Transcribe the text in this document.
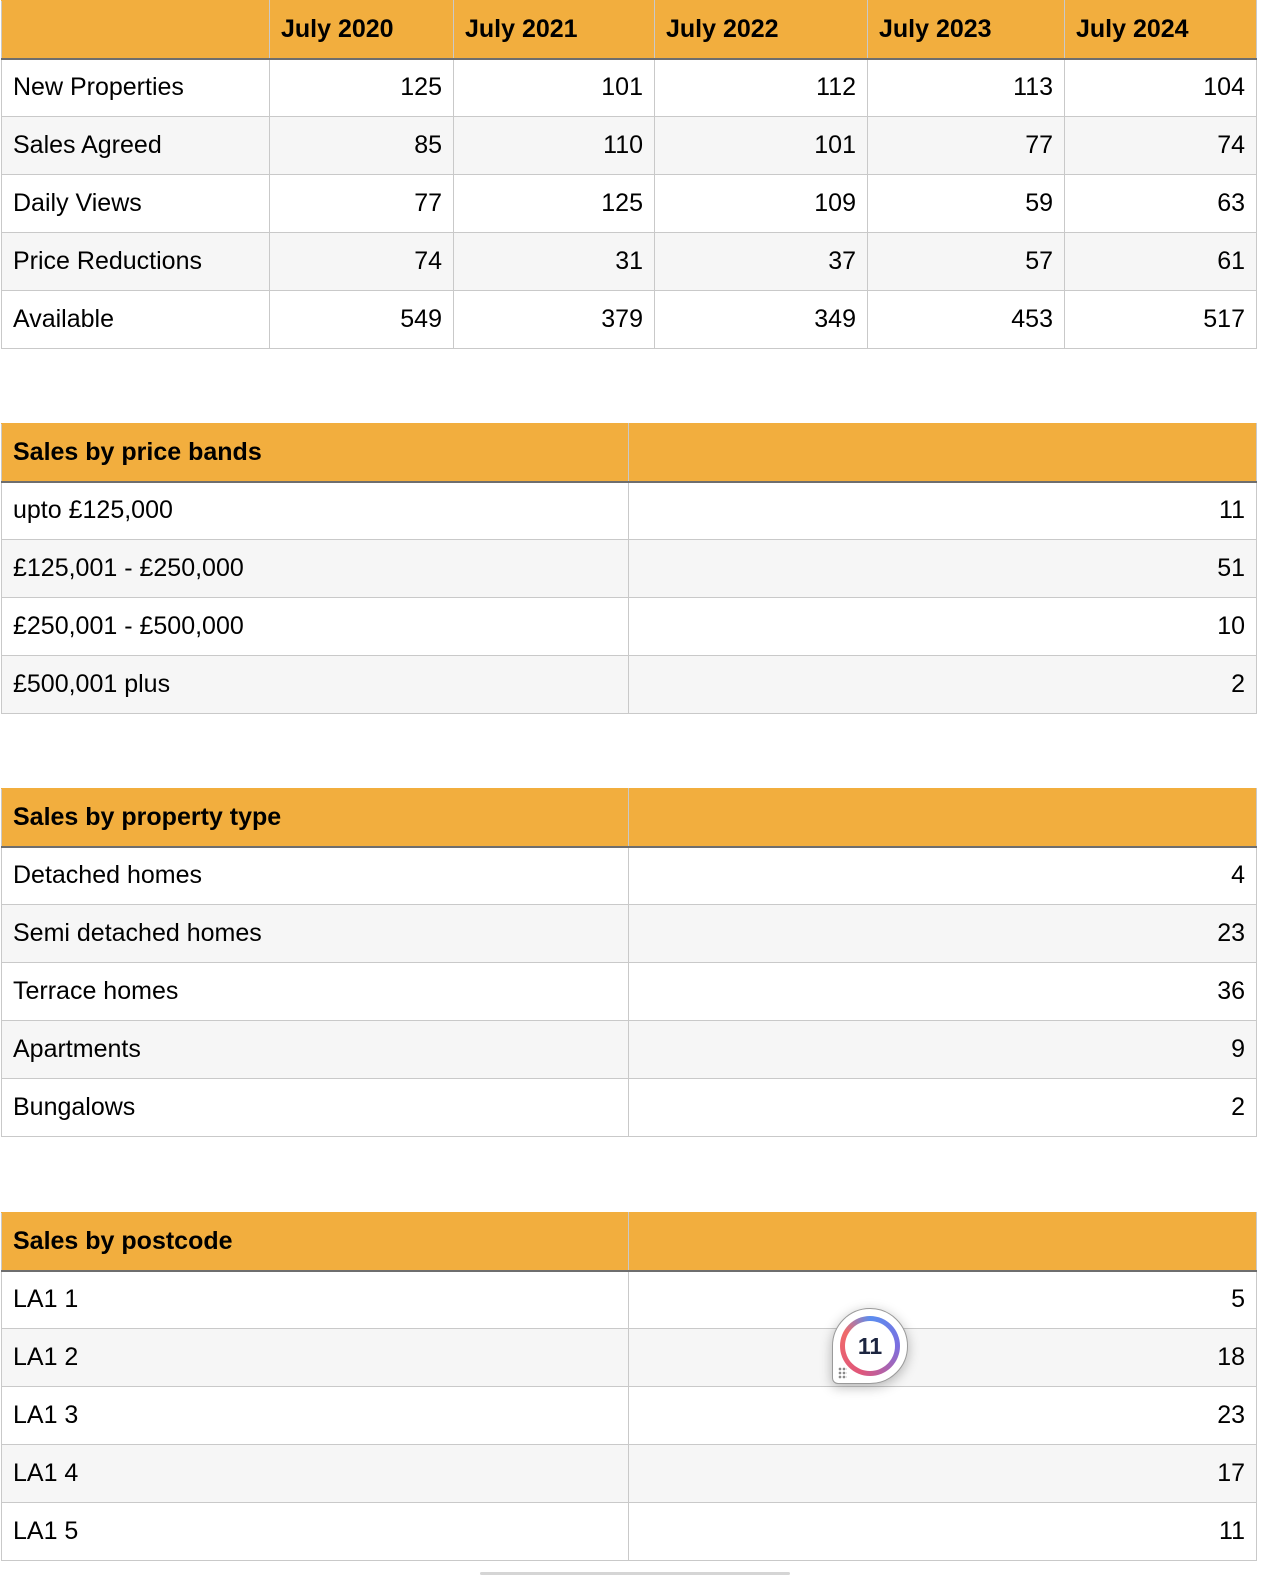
	July 2020	July 2021	July 2022	July 2023	July 2024
New Properties	125	101	112	113	104
Sales Agreed	85	110	101	77	74
Daily Views	77	125	109	59	63
Price Reductions	74	31	37	57	61
Available	549	379	349	453	517
Sales by price bands	
upto £125,000	11
£125,001 - £250,000	51
£250,001 - £500,000	10
£500,001 plus	2
Sales by property type	
Detached homes	4
Semi detached homes	23
Terrace homes	36
Apartments	9
Bungalows	2
Sales by postcode	
LA1 1	5
LA1 2	18
LA1 3	23
LA1 4	17
LA1 5	11
11
